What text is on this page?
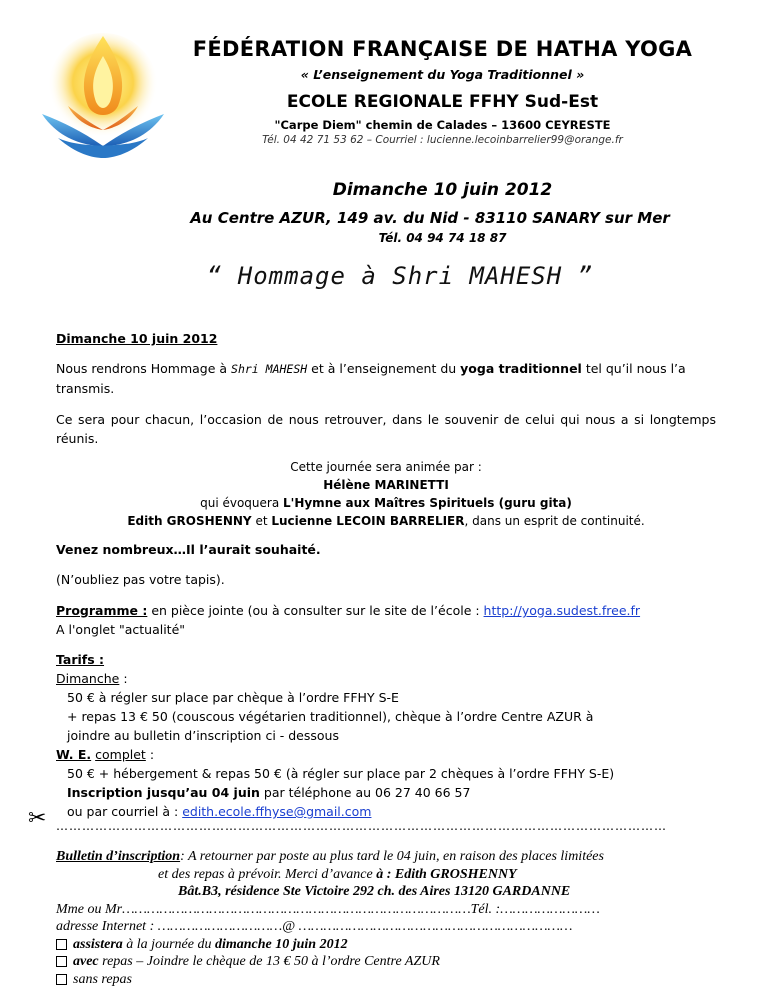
FÉDÉRATION FRANÇAISE DE HATHA YOGA
« L’enseignement du Yoga Traditionnel »
ECOLE REGIONALE FFHY Sud-Est
"Carpe Diem" chemin de Calades – 13600 CEYRESTE
Tél. 04 42 71 53 62 – Courriel : lucienne.lecoinbarrelier99@orange.fr
Dimanche 10 juin 2012
Au Centre AZUR, 149 av. du Nid - 83110 SANARY sur Mer
Tél. 04 94 74 18 87
“ Hommage à Shri MAHESH ”
Dimanche 10 juin 2012
Nous rendrons Hommage à Shri MAHESH et à l’enseignement du yoga traditionnel tel qu’il nous l’a transmis.
Ce sera pour chacun, l’occasion de nous retrouver, dans le souvenir de celui qui nous a si longtemps réunis.
Cette journée sera animée par :
Hélène MARINETTI
qui évoquera L'Hymne aux Maîtres Spirituels (guru gita)
Edith GROSHENNY et Lucienne LECOIN BARRELIER, dans un esprit de continuité.
Venez nombreux…Il l’aurait souhaité.
(N’oubliez pas votre tapis).
Programme : en pièce jointe (ou à consulter sur le site de l’école : http://yoga.sudest.free.fr
A l'onglet "actualité"
Tarifs :
Dimanche :
50 € à régler sur place par chèque à l’ordre FFHY S-E
+ repas 13 € 50 (couscous végétarien traditionnel), chèque à l’ordre Centre AZUR à
joindre au bulletin d’inscription ci - dessous
W. E. complet :
50 € + hébergement & repas 50 € (à régler sur place par 2 chèques à l’ordre FFHY S-E)
Inscription jusqu’au 04 juin par téléphone au 06 27 40 66 57
ou par courriel à : edith.ecole.ffhyse@gmail.com
✂ ……………………………………………………………………………………………………………………………
Bulletin d’inscription: A retourner par poste au plus tard le 04 juin, en raison des places limitées
et des repas à prévoir. Merci d’avance à : Edith GROSHENNY
Bât.B3, résidence Ste Victoire 292 ch. des Aires 13120 GARDANNE
Mme ou Mr…………………………………………………………………………Tél. :……………………
adresse Internet : …………………………@ …………………………………………………………
assistera à la journée du dimanche 10 juin 2012
avec repas – Joindre le chèque de 13 € 50 à l’ordre Centre AZUR
sans repas
